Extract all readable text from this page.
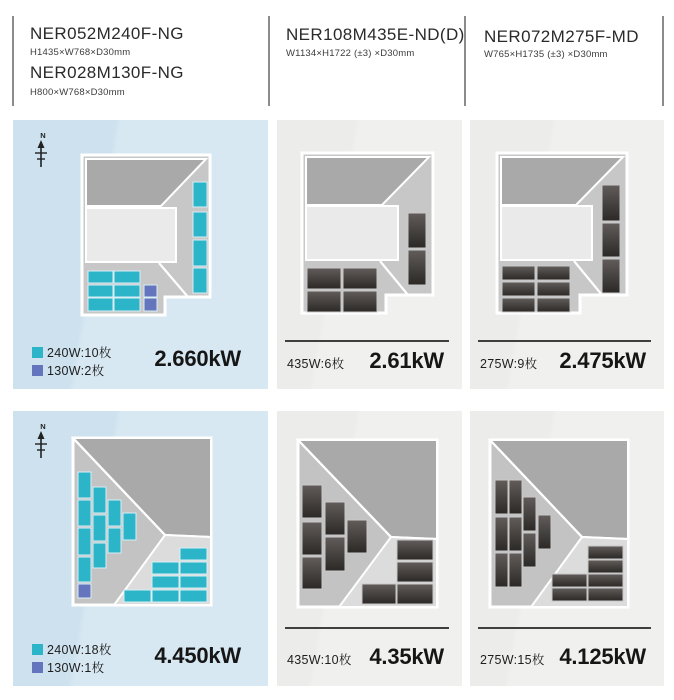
NER052M240F-NG
H1435×W768×D30mm
NER028M130F-NG
H800×W768×D30mm
NER108M435E-ND(D)
W1134×H1722 (±3) ×D30mm
NER072M275F-MD
W765×H1735 (±3) ×D30mm
N
240W:10枚
130W:2枚 2.660kW	435W:6枚 2.61kW	275W:9枚 2.475kW
N
240W:18枚
130W:1枚 4.450kW	435W:10枚 4.35kW	275W:15枚 4.125kW
